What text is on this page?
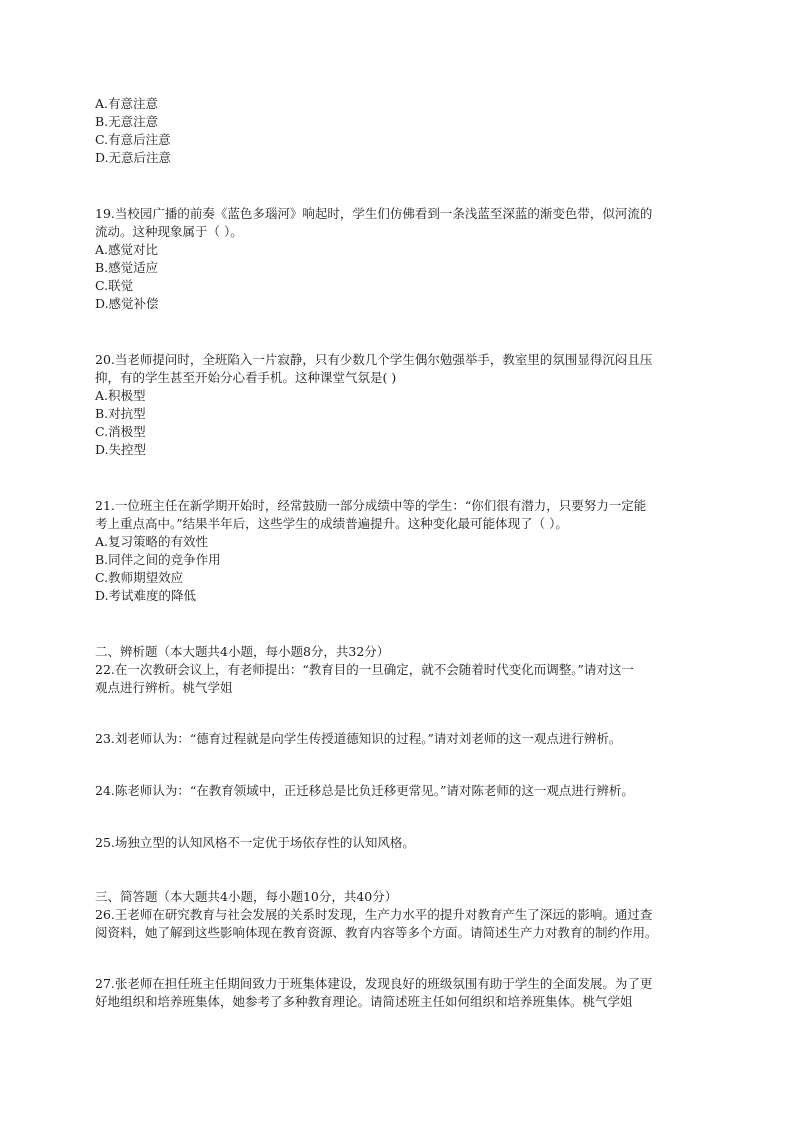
A.有意注意
B.无意注意
C.有意后注意
D.无意后注意
19.当校园广播的前奏《蓝色多瑙河》响起时，学生们仿佛看到一条浅蓝至深蓝的渐变色带，似河流的
流动。这种现象属于（ ）。
A.感觉对比
B.感觉适应
C.联觉
D.感觉补偿
20.当老师提问时，全班陷入一片寂静，只有少数几个学生偶尔勉强举手，教室里的氛围显得沉闷且压
抑，有的学生甚至开始分心看手机。这种课堂气氛是( )
A.积极型
B.对抗型
C.消极型
D.失控型
21.一位班主任在新学期开始时，经常鼓励一部分成绩中等的学生：“你们很有潜力，只要努力一定能
考上重点高中。”结果半年后，这些学生的成绩普遍提升。这种变化最可能体现了（ ）。
A.复习策略的有效性
B.同伴之间的竞争作用
C.教师期望效应
D.考试难度的降低
二、辨析题（本大题共4小题，每小题8分，共32分）
22.在一次教研会议上，有老师提出：“教育目的一旦确定，就不会随着时代变化而调整。”请对这一
观点进行辨析。桃气学姐
23.刘老师认为：“德育过程就是向学生传授道德知识的过程。”请对刘老师的这一观点进行辨析。
24.陈老师认为：“在教育领域中，正迁移总是比负迁移更常见。”请对陈老师的这一观点进行辨析。
25.场独立型的认知风格不一定优于场依存性的认知风格。
三、简答题（本大题共4小题，每小题10分，共40分）
26.王老师在研究教育与社会发展的关系时发现，生产力水平的提升对教育产生了深远的影响。通过查
阅资料，她了解到这些影响体现在教育资源、教育内容等多个方面。请简述生产力对教育的制约作用。
27.张老师在担任班主任期间致力于班集体建设，发现良好的班级氛围有助于学生的全面发展。为了更
好地组织和培养班集体，她参考了多种教育理论。请简述班主任如何组织和培养班集体。桃气学姐
